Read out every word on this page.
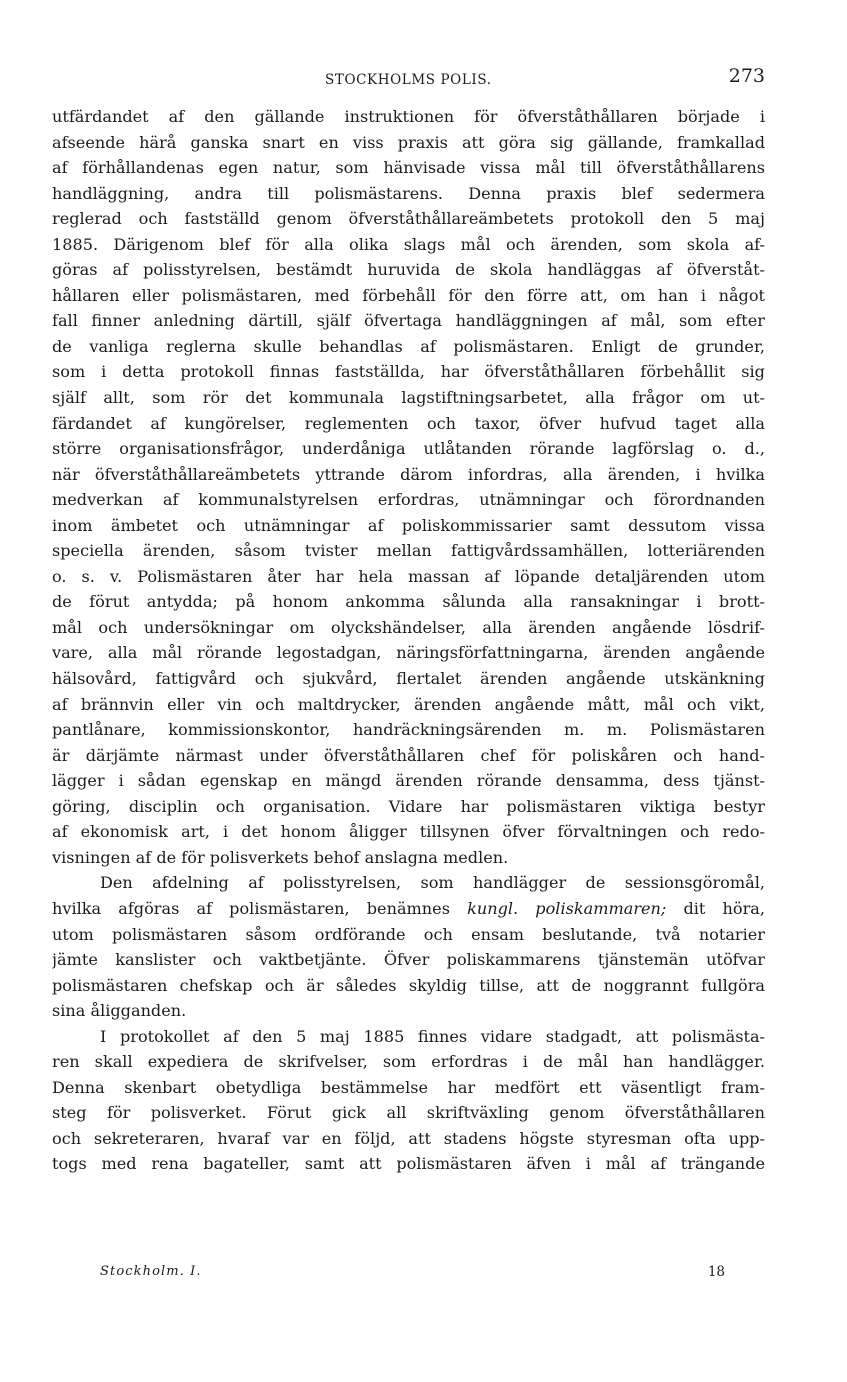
STOCKHOLMS POLIS.	273
utfärdandet af den gällande instruktionen för öfverståthållaren började i
afseende härå ganska snart en viss praxis att göra sig gällande, framkallad
af förhållandenas egen natur, som hänvisade vissa mål till öfverståthållarens
handläggning, andra till polismästarens. Denna praxis blef sedermera
reglerad och fastställd genom öfverståthållareämbetets protokoll den 5 maj
1885. Därigenom blef för alla olika slags mål och ärenden, som skola af-
göras af polisstyrelsen, bestämdt huruvida de skola handläggas af öfverståt-
hållaren eller polismästaren, med förbehåll för den förre att, om han i något
fall finner anledning därtill, själf öfvertaga handläggningen af mål, som efter
de vanliga reglerna skulle behandlas af polismästaren. Enligt de grunder,
som i detta protokoll finnas fastställda, har öfverståthållaren förbehållit sig
själf allt, som rör det kommunala lagstiftningsarbetet, alla frågor om ut-
färdandet af kungörelser, reglementen och taxor, öfver hufvud taget alla
större organisationsfrågor, underdåniga utlåtanden rörande lagförslag o. d.,
när öfverståthållareämbetets yttrande därom infordras, alla ärenden, i hvilka
medverkan af kommunalstyrelsen erfordras, utnämningar och förordnanden
inom ämbetet och utnämningar af poliskommissarier samt dessutom vissa
speciella ärenden, såsom tvister mellan fattigvårdssamhällen, lotteriärenden
o. s. v. Polismästaren åter har hela massan af löpande detaljärenden utom
de förut antydda; på honom ankomma sålunda alla ransakningar i brott-
mål och undersökningar om olyckshändelser, alla ärenden angående lösdrif-
vare, alla mål rörande legostadgan, näringsförfattningarna, ärenden angående
hälsovård, fattigvård och sjukvård, flertalet ärenden angående utskänkning
af brännvin eller vin och maltdrycker, ärenden angående mått, mål och vikt,
pantlånare, kommissionskontor, handräckningsärenden m. m. Polismästaren
är därjämte närmast under öfverståthållaren chef för poliskåren och hand-
lägger i sådan egenskap en mängd ärenden rörande densamma, dess tjänst-
göring, disciplin och organisation. Vidare har polismästaren viktiga bestyr
af ekonomisk art, i det honom åligger tillsynen öfver förvaltningen och redo-
visningen af de för polisverkets behof anslagna medlen.
Den afdelning af polisstyrelsen, som handlägger de sessionsgöromål,
hvilka afgöras af polismästaren, benämnes kungl. poliskammaren; dit höra,
utom polismästaren såsom ordförande och ensam beslutande, två notarier
jämte kanslister och vaktbetjänte. Öfver poliskammarens tjänstemän utöfvar
polismästaren chefskap och är således skyldig tillse, att de noggrannt fullgöra
sina åligganden.
I protokollet af den 5 maj 1885 finnes vidare stadgadt, att polismästa-
ren skall expediera de skrifvelser, som erfordras i de mål han handlägger.
Denna skenbart obetydliga bestämmelse har medfört ett väsentligt fram-
steg för polisverket. Förut gick all skriftväxling genom öfverståthållaren
och sekreteraren, hvaraf var en följd, att stadens högste styresman ofta upp-
togs med rena bagateller, samt att polismästaren äfven i mål af trängande
Stockholm. I.	18
